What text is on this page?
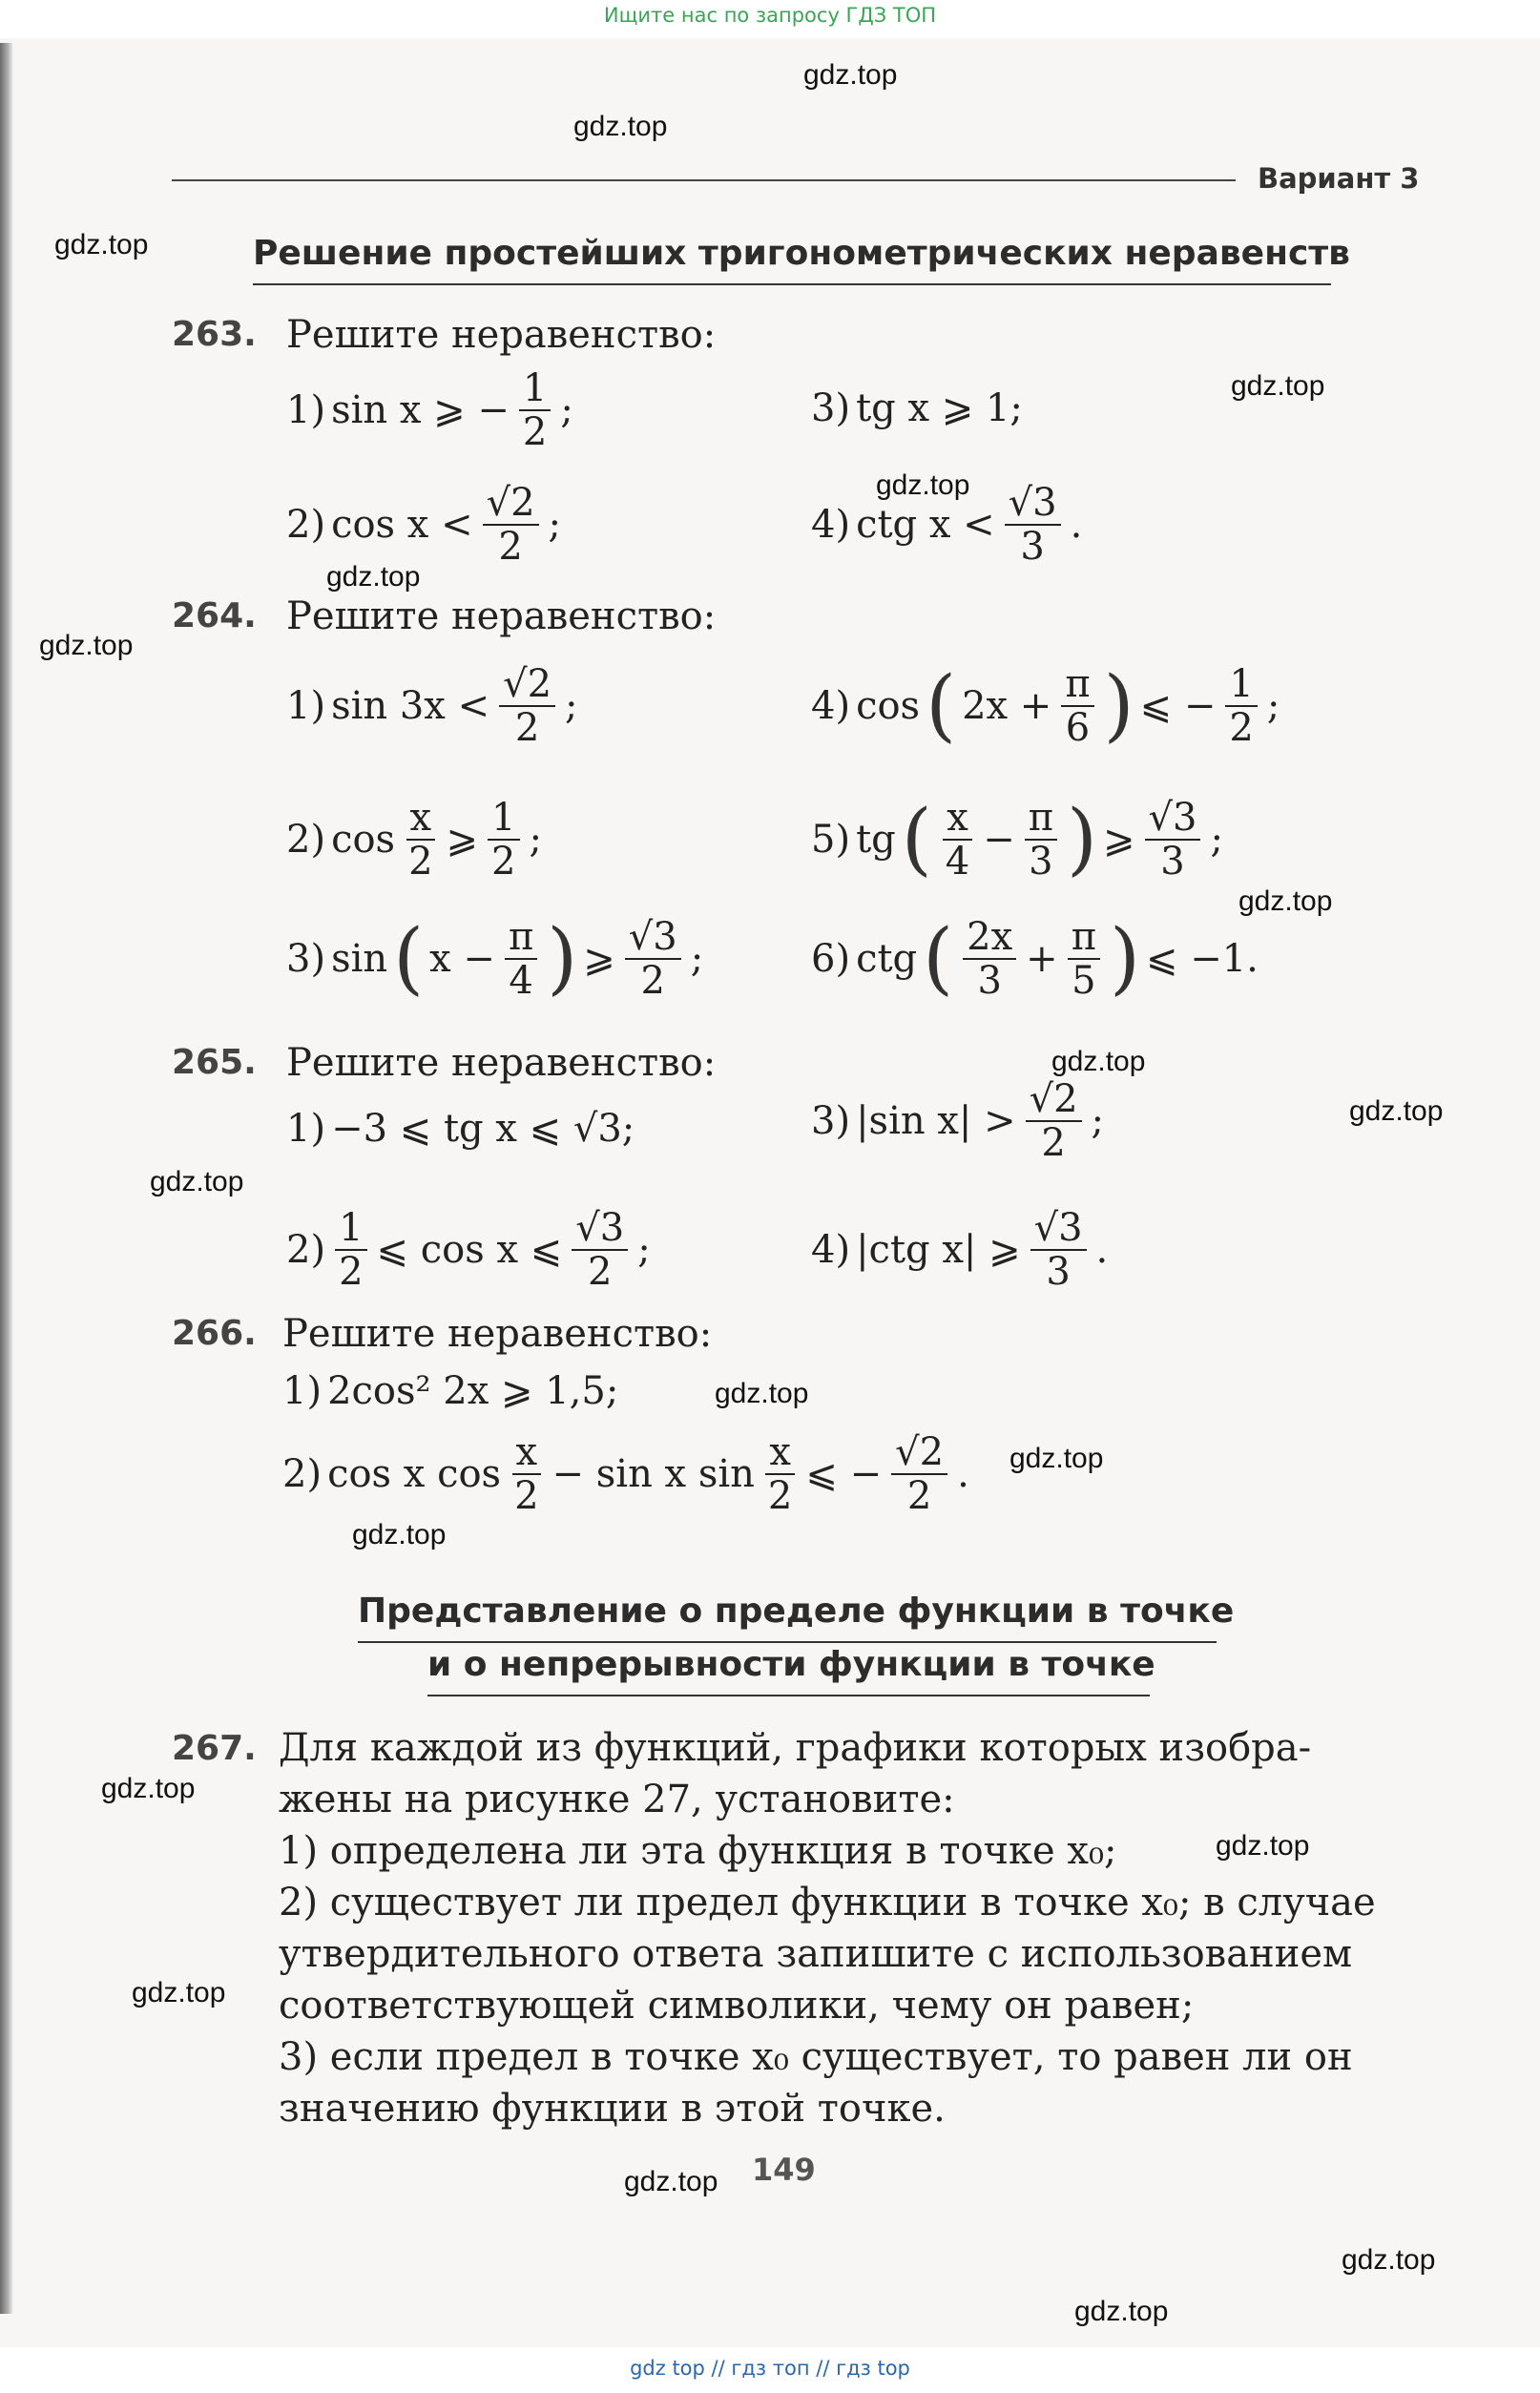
Ищите нас по запросу ГДЗ ТОП
Вариант 3
Решение простейших тригонометрических неравенств
263. Решите неравенство:
1) sin x ⩾ − $\frac{1}{2}$ ;
2) $\cos x < \frac{√2}{2}$ ;
3) tg x ⩾ 1;
4) ctg $x < \frac{√3}{3}$ .
264. Решите неравенство:
1) $\sin 3x < \frac{√2}{2}$ ;
2) $\cos \frac{x}{2}$ ⩾ $\frac{1}{2}$ ;
3) sin ( $x - \frac{\pi}{4}$ ) ⩾ $\frac{√3}{2}$ ;
4) cos ( $2x + \frac{\pi}{6}$ ) ⩽ − $\frac{1}{2}$ ;
5) tg ( $\frac{x}{4} - \frac{\pi}{3}$ ) ⩾ $\frac{√3}{3}$ ;
6) ctg ( $\frac{2x}{3} + \frac{\pi}{5}$ ) ⩽ −1.
265. Решите неравенство:
1) −3 ⩽ tg x ⩽ √3;
$2) \frac{1}{2}$ ⩽ cos x ⩽ $\frac{√3}{2}$ ;
3) |sin $x| > \frac{√2}{2}$ ;
4) |ctg x| ⩾ $\frac{√3}{3}$ .
266. Решите неравенство:
1) 2cos² 2x ⩾ 1,5;
2) cos x $\cos \frac{x}{2} - \sin x$ $\sin \frac{x}{2}$ ⩽ − $\frac{√2}{2}$ .
Представление о пределе функции в точке
и о непрерывности функции в точке
267. Для каждой из функций, графики которых изобра-

жены на рисунке 27, установите:

1) определена ли эта функция в точке x₀;

2) существует ли предел функции в точке x₀; в случае

утвердительного ответа запишите с использованием

соответствующей символики, чему он равен;

3) если предел в точке x₀ существует, то равен ли он

значению функции в этой точке.

149
gdz.top
gdz.top
gdz.top
gdz.top
gdz.top
gdz.top
gdz.top
gdz.top
gdz.top
gdz.top
gdz.top
gdz.top
gdz.top
gdz.top
gdz.top
gdz.top
gdz.top
gdz.top
gdz.top
gdz.top
gdz top // гдз топ // гдз top
